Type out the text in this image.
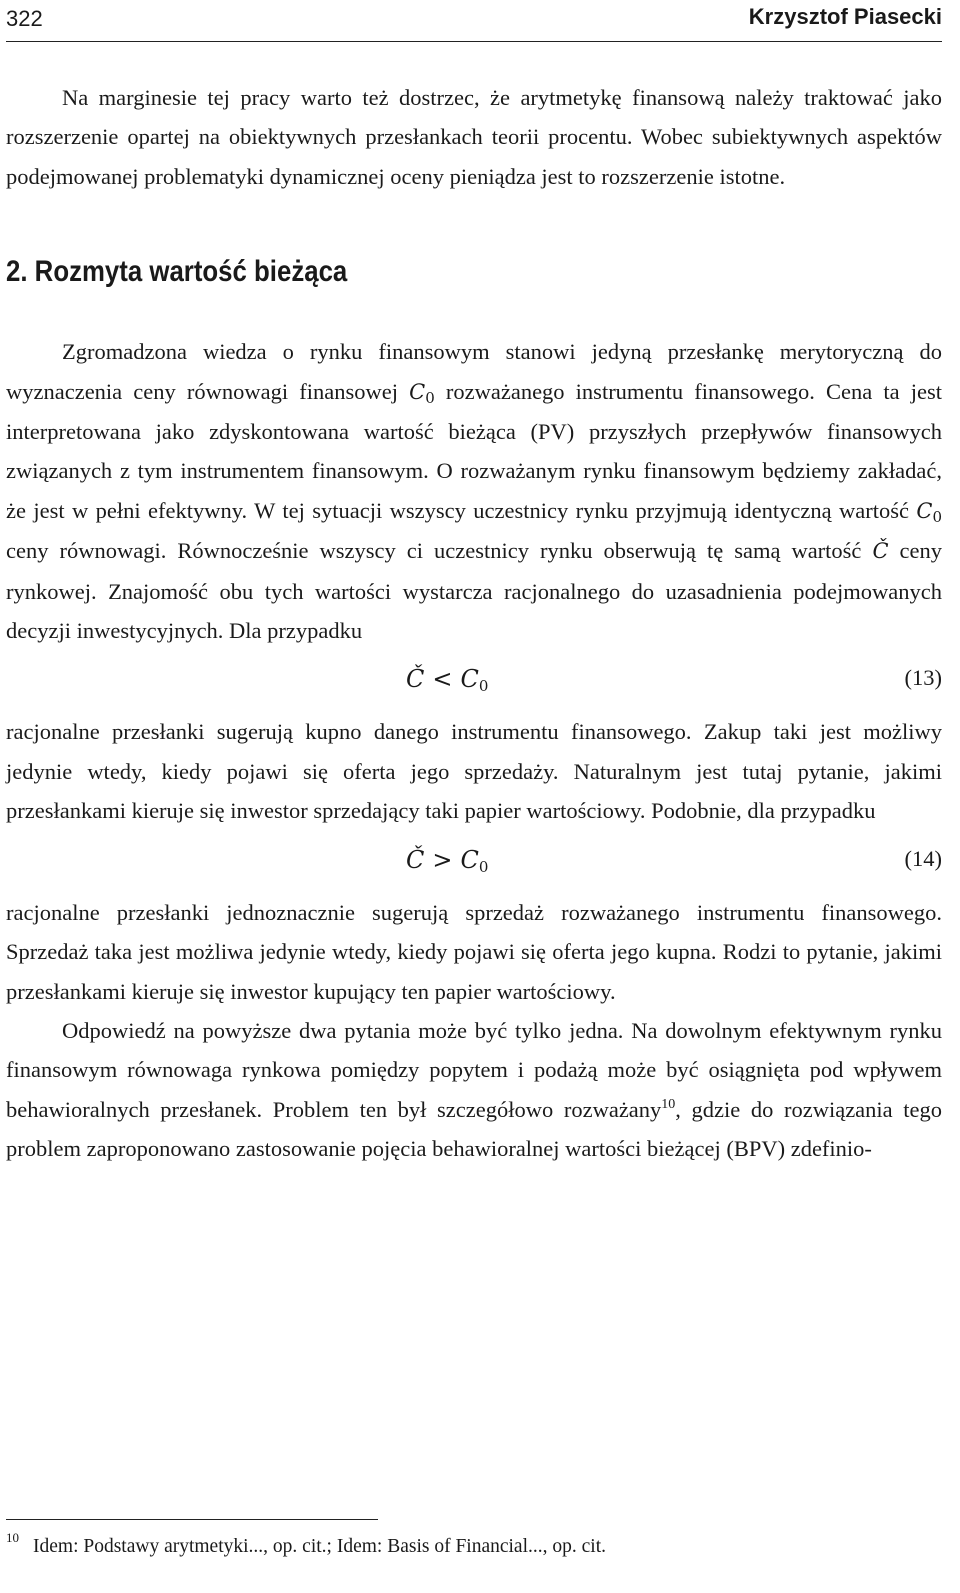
322	Krzysztof Piasecki

Na marginesie tej pracy warto też dostrzec, że arytmetykę finansową należy traktować jako rozszerzenie opartej na obiektywnych przesłankach teorii procentu. Wobec subiektywnych aspektów podejmowanej problematyki dynamicznej oceny pieniądza jest to rozszerzenie istotne.

2. Rozmyta wartość bieżąca

Zgromadzona wiedza o rynku finansowym stanowi jedyną przesłankę merytoryczną do wyznaczenia ceny równowagi finansowej $C_0$ rozważanego instrumentu finansowego. Cena ta jest interpretowana jako zdyskontowana wartość bieżąca (PV) przyszłych przepływów finansowych związanych z tym instrumentem finansowym. O rozważanym rynku finansowym będziemy zakładać, że jest w pełni efektywny. W tej sytuacji wszyscy uczestnicy rynku przyjmują identyczną wartość $C_0$ ceny równowagi. Równocześnie wszyscy ci uczestnicy rynku obserwują tę samą wartość Č ceny rynkowej. Znajomość obu tych wartości wystarcza racjonalnego do uzasadnienia podejmowanych decyzji inwestycyjnych. Dla przypadku

Č < $C_0$	(13)

racjonalne przesłanki sugerują kupno danego instrumentu finansowego. Zakup taki jest możliwy jedynie wtedy, kiedy pojawi się oferta jego sprzedaży. Naturalnym jest tutaj pytanie, jakimi przesłankami kieruje się inwestor sprzedający taki papier wartościowy. Podobnie, dla przypadku

Č > $C_0$	(14)

racjonalne przesłanki jednoznacznie sugerują sprzedaż rozważanego instrumentu finansowego. Sprzedaż taka jest możliwa jedynie wtedy, kiedy pojawi się oferta jego kupna. Rodzi to pytanie, jakimi przesłankami kieruje się inwestor kupujący ten papier wartościowy.

Odpowiedź na powyższe dwa pytania może być tylko jedna. Na dowolnym efektywnym rynku finansowym równowaga rynkowa pomiędzy popytem i podażą może być osiągnięta pod wpływem behawioralnych przesłanek. Problem ten był szczegółowo rozważany$^{10}$, gdzie do rozwiązania tego problem zaproponowano zastosowanie pojęcia behawioralnej wartości bieżącej (BPV) zdefinio-

$^{10}$ Idem: Podstawy arytmetyki..., op. cit.; Idem: Basis of Financial..., op. cit.
